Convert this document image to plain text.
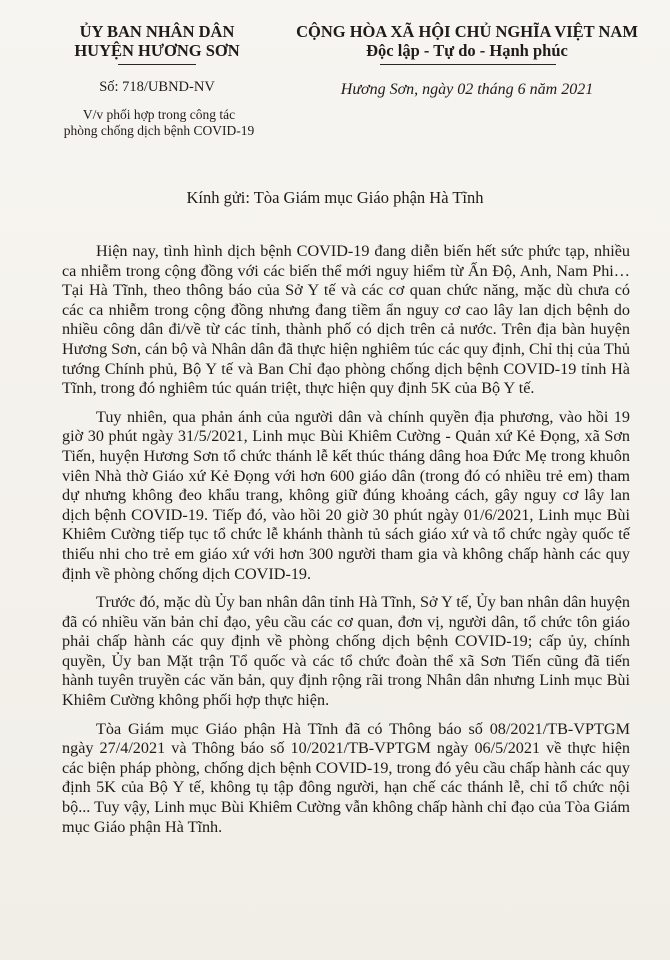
ỦY BAN NHÂN DÂN
HUYỆN HƯƠNG SƠN
CỘNG HÒA XÃ HỘI CHỦ NGHĨA VIỆT NAM
Độc lập - Tự do - Hạnh phúc
Số: 718/UBND-NV
V/v phối hợp trong công tác
phòng chống dịch bệnh COVID-19
Hương Sơn, ngày 02 tháng 6 năm 2021
Kính gửi: Tòa Giám mục Giáo phận Hà Tĩnh

Hiện nay, tình hình dịch bệnh COVID-19 đang diễn biến hết sức phức tạp, nhiều ca nhiễm trong cộng đồng với các biến thể mới nguy hiểm từ Ấn Độ, Anh, Nam Phi… Tại Hà Tĩnh, theo thông báo của Sở Y tế và các cơ quan chức năng, mặc dù chưa có các ca nhiễm trong cộng đồng nhưng đang tiềm ẩn nguy cơ cao lây lan dịch bệnh do nhiều công dân đi/về từ các tỉnh, thành phố có dịch trên cả nước. Trên địa bàn huyện Hương Sơn, cán bộ và Nhân dân đã thực hiện nghiêm túc các quy định, Chỉ thị của Thủ tướng Chính phủ, Bộ Y tế và Ban Chỉ đạo phòng chống dịch bệnh COVID-19 tỉnh Hà Tĩnh, trong đó nghiêm túc quán triệt, thực hiện quy định 5K của Bộ Y tế.

Tuy nhiên, qua phản ánh của người dân và chính quyền địa phương, vào hồi 19 giờ 30 phút ngày 31/5/2021, Linh mục Bùi Khiêm Cường - Quản xứ Kẻ Đọng, xã Sơn Tiến, huyện Hương Sơn tổ chức thánh lễ kết thúc tháng dâng hoa Đức Mẹ trong khuôn viên Nhà thờ Giáo xứ Kẻ Đọng với hơn 600 giáo dân (trong đó có nhiều trẻ em) tham dự nhưng không đeo khẩu trang, không giữ đúng khoảng cách, gây nguy cơ lây lan dịch bệnh COVID-19. Tiếp đó, vào hồi 20 giờ 30 phút ngày 01/6/2021, Linh mục Bùi Khiêm Cường tiếp tục tổ chức lễ khánh thành tủ sách giáo xứ và tổ chức ngày quốc tế thiếu nhi cho trẻ em giáo xứ với hơn 300 người tham gia và không chấp hành các quy định về phòng chống dịch COVID-19.

Trước đó, mặc dù Ủy ban nhân dân tỉnh Hà Tĩnh, Sở Y tế, Ủy ban nhân dân huyện đã có nhiều văn bản chỉ đạo, yêu cầu các cơ quan, đơn vị, người dân, tổ chức tôn giáo phải chấp hành các quy định về phòng chống dịch bệnh COVID-19; cấp ủy, chính quyền, Ủy ban Mặt trận Tổ quốc và các tổ chức đoàn thể xã Sơn Tiến cũng đã tiến hành tuyên truyền các văn bản, quy định rộng rãi trong Nhân dân nhưng Linh mục Bùi Khiêm Cường không phối hợp thực hiện.

Tòa Giám mục Giáo phận Hà Tĩnh đã có Thông báo số 08/2021/TB-VPTGM ngày 27/4/2021 và Thông báo số 10/2021/TB-VPTGM ngày 06/5/2021 về thực hiện các biện pháp phòng, chống dịch bệnh COVID-19, trong đó yêu cầu chấp hành các quy định 5K của Bộ Y tế, không tụ tập đông người, hạn chế các thánh lễ, chỉ tổ chức nội bộ... Tuy vậy, Linh mục Bùi Khiêm Cường vẫn không chấp hành chỉ đạo của Tòa Giám mục Giáo phận Hà Tĩnh.
